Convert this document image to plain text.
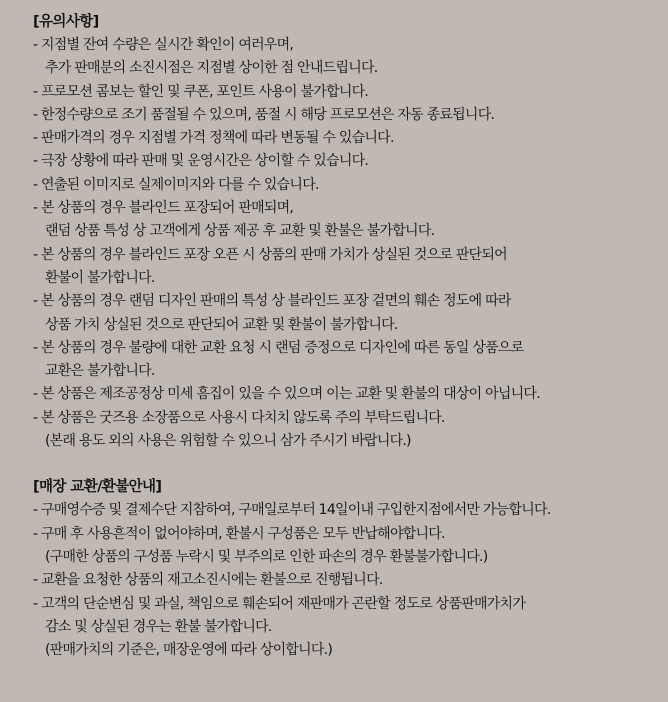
[유의사항]
- 지점별 잔여 수량은 실시간 확인이 여러우며,
추가 판매분의 소진시점은 지점별 상이한 점 안내드립니다.
- 프로모션 콤보는 할인 및 쿠폰, 포인트 사용이 불가합니다.
- 한정수량으로 조기 품절될 수 있으며, 품절 시 해당 프로모션은 자동 종료됩니다.
- 판매가격의 경우 지점별 가격 정책에 따라 변동될 수 있습니다.
- 극장 상황에 따라 판매 및 운영시간은 상이할 수 있습니다.
- 연출된 이미지로 실제이미지와 다를 수 있습니다.
- 본 상품의 경우 블라인드 포장되어 판매되며,
랜덤 상품 특성 상 고객에게 상품 제공 후 교환 및 환불은 불가합니다.
- 본 상품의 경우 블라인드 포장 오픈 시 상품의 판매 가치가 상실된 것으로 판단되어
환불이 불가합니다.
- 본 상품의 경우 랜덤 디자인 판매의 특성 상 블라인드 포장 겉면의 훼손 정도에 따라
상품 가치 상실된 것으로 판단되어 교환 및 환불이 불가합니다.
- 본 상품의 경우 불량에 대한 교환 요청 시 랜덤 증정으로 디자인에 따른 동일 상품으로
교환은 불가합니다.
- 본 상품은 제조공정상 미세 흠집이 있을 수 있으며 이는 교환 및 환불의 대상이 아닙니다.
- 본 상품은 굿즈용 소장품으로 사용시 다치치 않도록 주의 부탁드립니다.
(본래 용도 외의 사용은 위험할 수 있으니 삼가 주시기 바랍니다.)
[매장 교환/환불안내]
- 구매영수증 및 결제수단 지참하여, 구매일로부터 14일이내 구입한지점에서만 가능합니다.
- 구매 후 사용흔적이 없어야하며, 환불시 구성품은 모두 반납해야합니다.
(구매한 상품의 구성품 누락시 및 부주의로 인한 파손의 경우 환불불가합니다.)
- 교환을 요청한 상품의 재고소진시에는 환불으로 진행됩니다.
- 고객의 단순변심 및 과실, 책임으로 훼손되어 재판매가 곤란할 정도로 상품판매가치가
감소 및 상실된 경우는 환불 불가합니다.
(판매가치의 기준은, 매장운영에 따라 상이합니다.)
